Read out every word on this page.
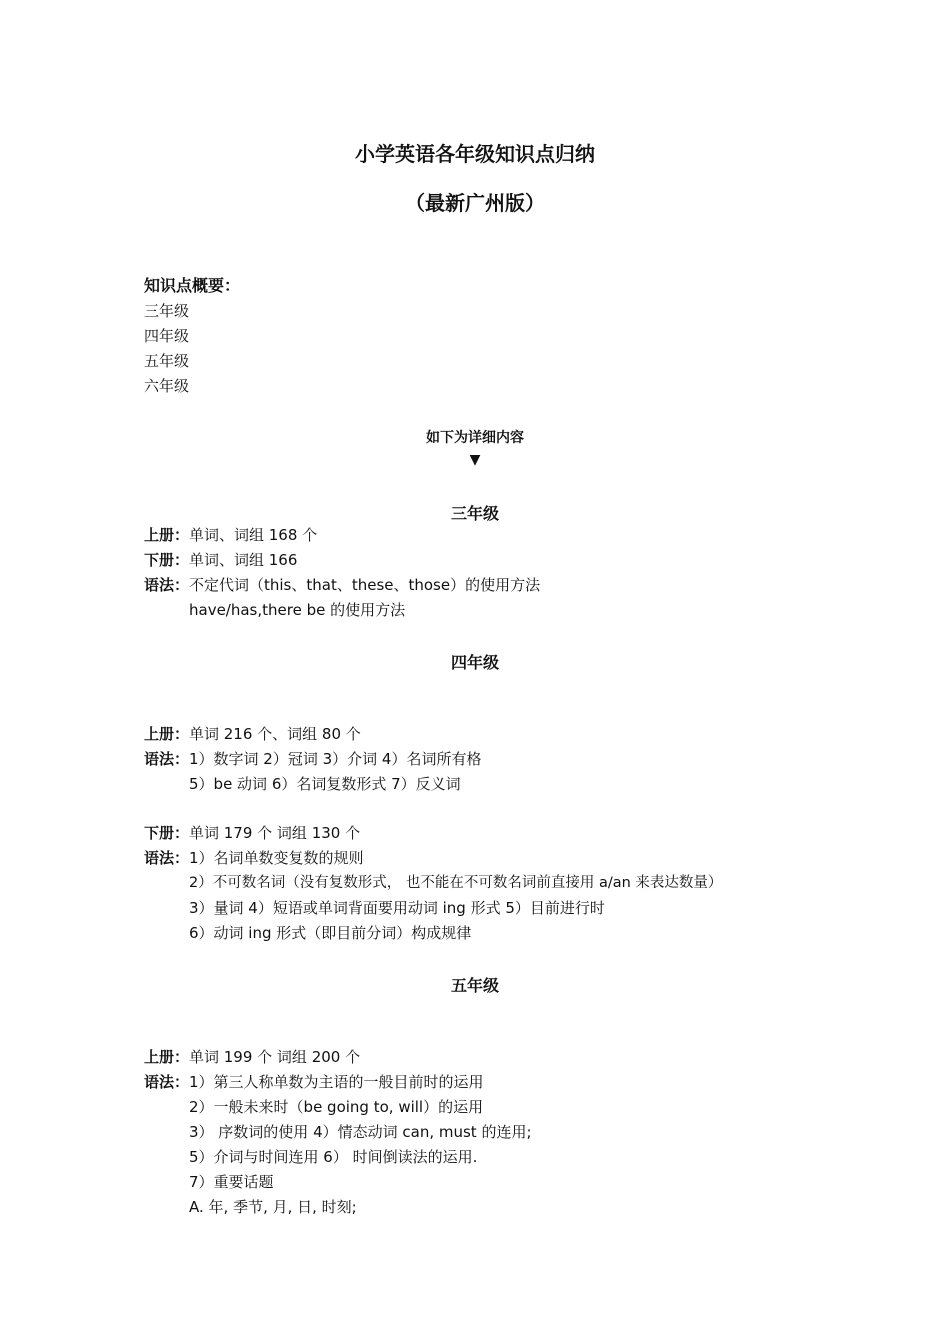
小学英语各年级知识点归纳
（最新广州版）
知识点概要：
三年级
四年级
五年级
六年级
如下为详细内容
▼
三年级
上册： 单词、词组 168 个
下册： 单词、词组 166
语法： 不定代词（this、that、these、those）的使用方法
have/has,there be 的使用方法
四年级
上册： 单词 216 个、词组 80 个
语法： 1）数字词 2）冠词 3）介词 4）名词所有格
5）be 动词 6）名词复数形式 7）反义词
下册： 单词 179 个 词组 130 个
语法： 1）名词单数变复数的规则
2）不可数名词（没有复数形式， 也不能在不可数名词前直接用 a/an 来表达数量）
3）量词 4）短语或单词背面要用动词 ing 形式 5）目前进行时
6）动词 ing 形式（即目前分词）构成规律
五年级
上册： 单词 199 个 词组 200 个
语法： 1）第三人称单数为主语的一般目前时的运用
2）一般未来时（be going to, will）的运用
3） 序数词的使用 4）情态动词 can, must 的连用;
5）介词与时间连用 6） 时间倒读法的运用.
7）重要话题
A. 年, 季节, 月, 日, 时刻;
